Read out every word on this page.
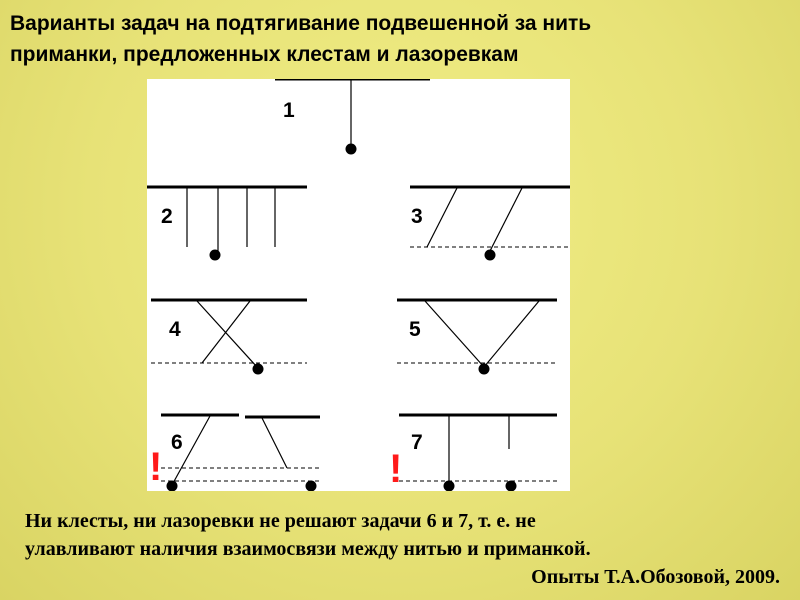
Варианты задач на подтягивание подвешенной за нить
приманки, предложенных клестам и лазоревкам
1
2	3
4	5
6	7
!	!
Ни клесты, ни лазоревки не решают задачи 6 и 7, т. е. не
улавливают наличия взаимосвязи между нитью и приманкой.
Опыты Т.А.Обозовой, 2009.
